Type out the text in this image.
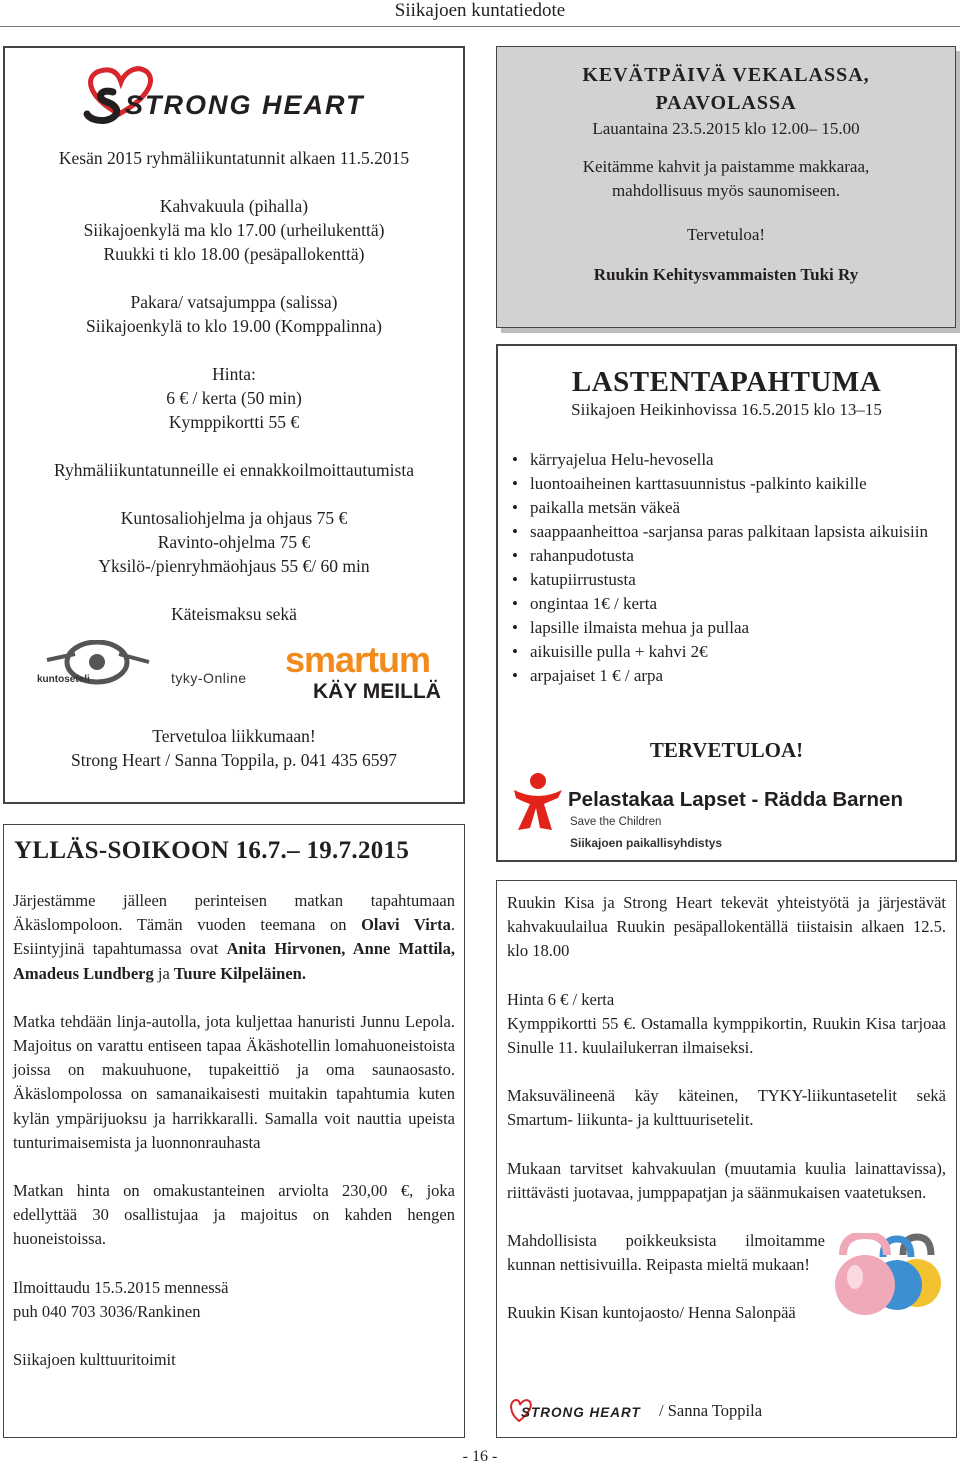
Siikajoen kuntatiedote
STRONG HEART
Kesän 2015 ryhmäliikuntatunnit alkaen 11.5.2015
Kahvakuula (pihalla)
Siikajoenkylä ma klo 17.00 (urheilukenttä)
Ruukki ti klo 18.00 (pesäpallokenttä)
Pakara/ vatsajumppa (salissa)
Siikajoenkylä to klo 19.00 (Komppalinna)
Hinta:
6 € / kerta (50 min)
Kymppikortti 55 €
Ryhmäliikuntatunneille ei ennakkoilmoittautumista
Kuntosaliohjelma ja ohjaus 75 €
Ravinto-ohjelma 75 €
Yksilö-/pienryhmäohjaus 55 €/ 60 min
Käteismaksu sekä
kuntoseteli	tyky-Online smartum
KÄY MEILLÄ
Tervetuloa liikkumaan!
Strong Heart / Sanna Toppila, p. 041 435 6597
KEVÄTPÄIVÄ VEKALASSA,
PAAVOLASSA
Lauantaina 23.5.2015 klo 12.00– 15.00
Keitämme kahvit ja paistamme makkaraa,
mahdollisuus myös saunomiseen.
Tervetuloa!
Ruukin Kehitysvammaisten Tuki Ry
LASTENTAPAHTUMA
Siikajoen Heikinhovissa 16.5.2015 klo 13–15
• kärryajelua Helu-hevosella
• luontoaiheinen karttasuunnistus -palkinto kaikille
• paikalla metsän väkeä
• saappaanheittoa -sarjansa paras palkitaan lapsista aikuisiin
• rahanpudotusta
• katupiirrustusta
• ongintaa 1€ / kerta
• lapsille ilmaista mehua ja pullaa
• aikuisille pulla + kahvi 2€
• arpajaiset 1 € / arpa
TERVETULOA!
Pelastakaa Lapset - Rädda Barnen
Save the Children
Siikajoen paikallisyhdistys
YLLÄS-SOIKOON 16.7.– 19.7.2015
Järjestämme jälleen perinteisen matkan tapahtumaan Äkäslompoloon. Tämän vuoden teemana on Olavi Virta. Esiintyjinä tapahtumassa ovat Anita Hirvonen, Anne Mattila, Amadeus Lundberg ja Tuure Kilpeläinen.
Matka tehdään linja-autolla, jota kuljettaa hanuristi Junnu Lepola. Majoitus on varattu entiseen tapaa Äkäshotellin lomahuoneistoista joissa on makuuhuone, tupakeittiö ja oma saunaosasto. Äkäslompolossa on samanaikaisesti muitakin tapahtumia kuten kylän ympärijuoksu ja harrikkaralli. Samalla voit nauttia upeista tunturimaisemista ja luonnonrauhasta
Matkan hinta on omakustanteinen arviolta 230,00 €, joka edellyttää 30 osallistujaa ja majoitus on kahden hengen huoneistoissa.
Ilmoittaudu 15.5.2015 mennessä
puh 040 703 3036/Rankinen
Siikajoen kulttuuritoimit
Ruukin Kisa ja Strong Heart tekevät yhteistyötä ja järjestävät kahvakuulailua Ruukin pesäpallokentällä tiistaisin alkaen 12.5. klo 18.00
Hinta 6 € / kerta
Kymppikortti 55 €. Ostamalla kymppikortin, Ruukin Kisa tarjoaa Sinulle 11. kuulailukerran ilmaiseksi.
Maksuvälineenä käy käteinen, TYKY-liikuntasetelit sekä Smartum- liikunta- ja kulttuurisetelit.
Mukaan tarvitset kahvakuulan (muutamia kuulia lainattavissa), riittävästi juotavaa, jumppapatjan ja säänmukaisen vaatetuksen.
Mahdollisista poikkeuksista ilmoitamme kunnan nettisivuilla. Reipasta mieltä mukaan!
Ruukin Kisan kuntojaosto/ Henna Salonpää
STRONG HEART / Sanna Toppila
- 16 -
